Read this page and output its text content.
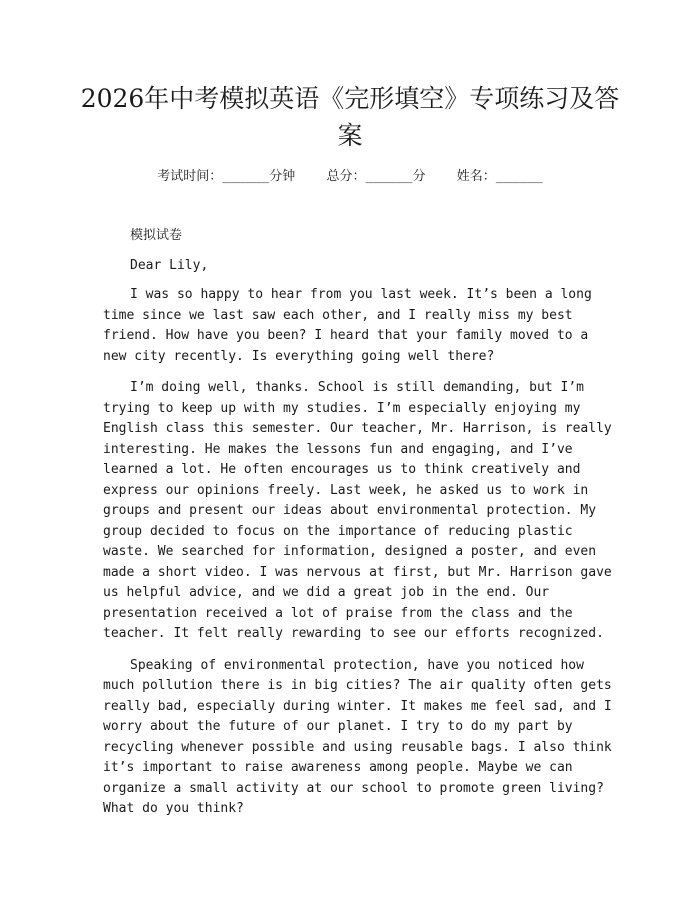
2026年中考模拟英语《完形填空》专项练习及答案
考试时间：______分钟    总分：______分    姓名：______

模拟试卷

Dear Lily,

I was so happy to hear from you last week. It’s been a long time since we last saw each other, and I really miss my best friend. How have you been? I heard that your family moved to a new city recently. Is everything going well there?

I’m doing well, thanks. School is still demanding, but I’m trying to keep up with my studies. I’m especially enjoying my English class this semester. Our teacher, Mr. Harrison, is really interesting. He makes the lessons fun and engaging, and I’ve learned a lot. He often encourages us to think creatively and express our opinions freely. Last week, he asked us to work in groups and present our ideas about environmental protection. My group decided to focus on the importance of reducing plastic waste. We searched for information, designed a poster, and even made a short video. I was nervous at first, but Mr. Harrison gave us helpful advice, and we did a great job in the end. Our presentation received a lot of praise from the class and the teacher. It felt really rewarding to see our efforts recognized.

Speaking of environmental protection, have you noticed how much pollution there is in big cities? The air quality often gets really bad, especially during winter. It makes me feel sad, and I worry about the future of our planet. I try to do my part by recycling whenever possible and using reusable bags. I also think it’s important to raise awareness among people. Maybe we can organize a small activity at our school to promote green living? What do you think?
